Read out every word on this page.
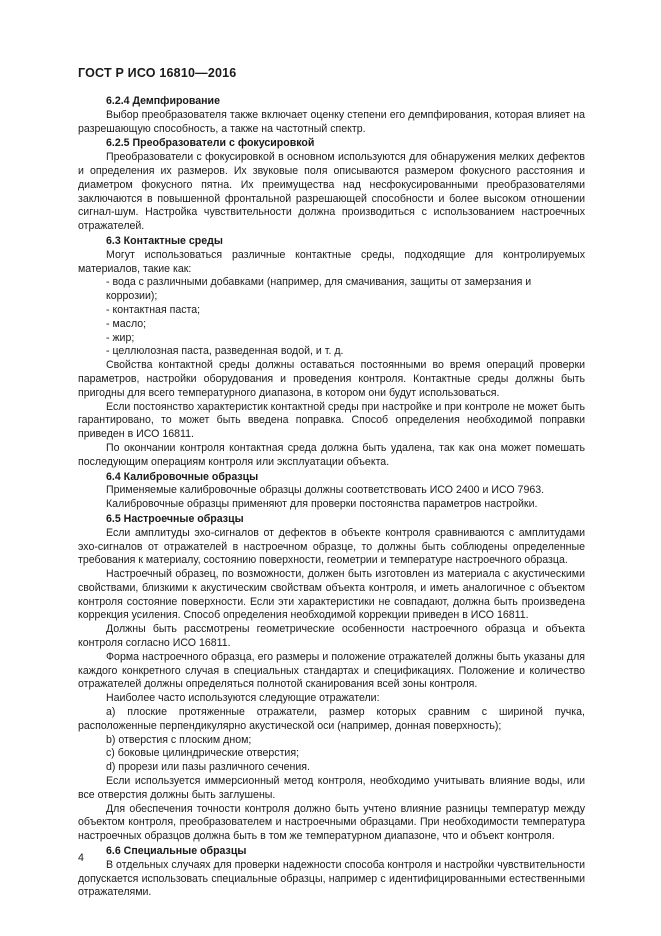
ГОСТ Р ИСО 16810—2016

6.2.4 Демпфирование

Выбор преобразователя также включает оценку степени его демпфирования, которая влияет на разрешающую способность, а также на частотный спектр.

6.2.5 Преобразователи с фокусировкой

Преобразователи с фокусировкой в основном используются для обнаружения мелких дефектов и определения их размеров. Их звуковые поля описываются размером фокусного расстояния и диаметром фокусного пятна. Их преимущества над несфокусированными преобразователями заключаются в повышенной фронтальной разрешающей способности и более высоком отношении сигнал-шум. Настройка чувствительности должна производиться с использованием настроечных отражателей.

6.3 Контактные среды

Могут использоваться различные контактные среды, подходящие для контролируемых материалов, такие как:

- вода с различными добавками (например, для смачивания, защиты от замерзания и коррозии);

- контактная паста;

- масло;

- жир;

- целлюлозная паста, разведенная водой, и т. д.

Свойства контактной среды должны оставаться постоянными во время операций проверки параметров, настройки оборудования и проведения контроля. Контактные среды должны быть пригодны для всего температурного диапазона, в котором они будут использоваться.

Если постоянство характеристик контактной среды при настройке и при контроле не может быть гарантировано, то может быть введена поправка. Способ определения необходимой поправки приведен в ИСО 16811.

По окончании контроля контактная среда должна быть удалена, так как она может помешать последующим операциям контроля или эксплуатации объекта.

6.4 Калибровочные образцы

Применяемые калибровочные образцы должны соответствовать ИСО 2400 и ИСО 7963.

Калибровочные образцы применяют для проверки постоянства параметров настройки.

6.5 Настроечные образцы

Если амплитуды эхо-сигналов от дефектов в объекте контроля сравниваются с амплитудами эхо-сигналов от отражателей в настроечном образце, то должны быть соблюдены определенные требования к материалу, состоянию поверхности, геометрии и температуре настроечного образца.

Настроечный образец, по возможности, должен быть изготовлен из материала с акустическими свойствами, близкими к акустическим свойствам объекта контроля, и иметь аналогичное с объектом контроля состояние поверхности. Если эти характеристики не совпадают, должна быть произведена коррекция усиления. Способ определения необходимой коррекции приведен в ИСО 16811.

Должны быть рассмотрены геометрические особенности настроечного образца и объекта контроля согласно ИСО 16811.

Форма настроечного образца, его размеры и положение отражателей должны быть указаны для каждого конкретного случая в специальных стандартах и спецификациях. Положение и количество отражателей должны определяться полнотой сканирования всей зоны контроля.

Наиболее часто используются следующие отражатели:

а) плоские протяженные отражатели, размер которых сравним с шириной пучка, расположенные перпендикулярно акустической оси (например, донная поверхность);

b) отверстия с плоским дном;

c) боковые цилиндрические отверстия;

d) прорези или пазы различного сечения.

Если используется иммерсионный метод контроля, необходимо учитывать влияние воды, или все отверстия должны быть заглушены.

Для обеспечения точности контроля должно быть учтено влияние разницы температур между объектом контроля, преобразователем и настроечными образцами. При необходимости температура настроечных образцов должна быть в том же температурном диапазоне, что и объект контроля.

6.6 Специальные образцы

В отдельных случаях для проверки надежности способа контроля и настройки чувствительности допускается использовать специальные образцы, например с идентифицированными естественными отражателями.

4
